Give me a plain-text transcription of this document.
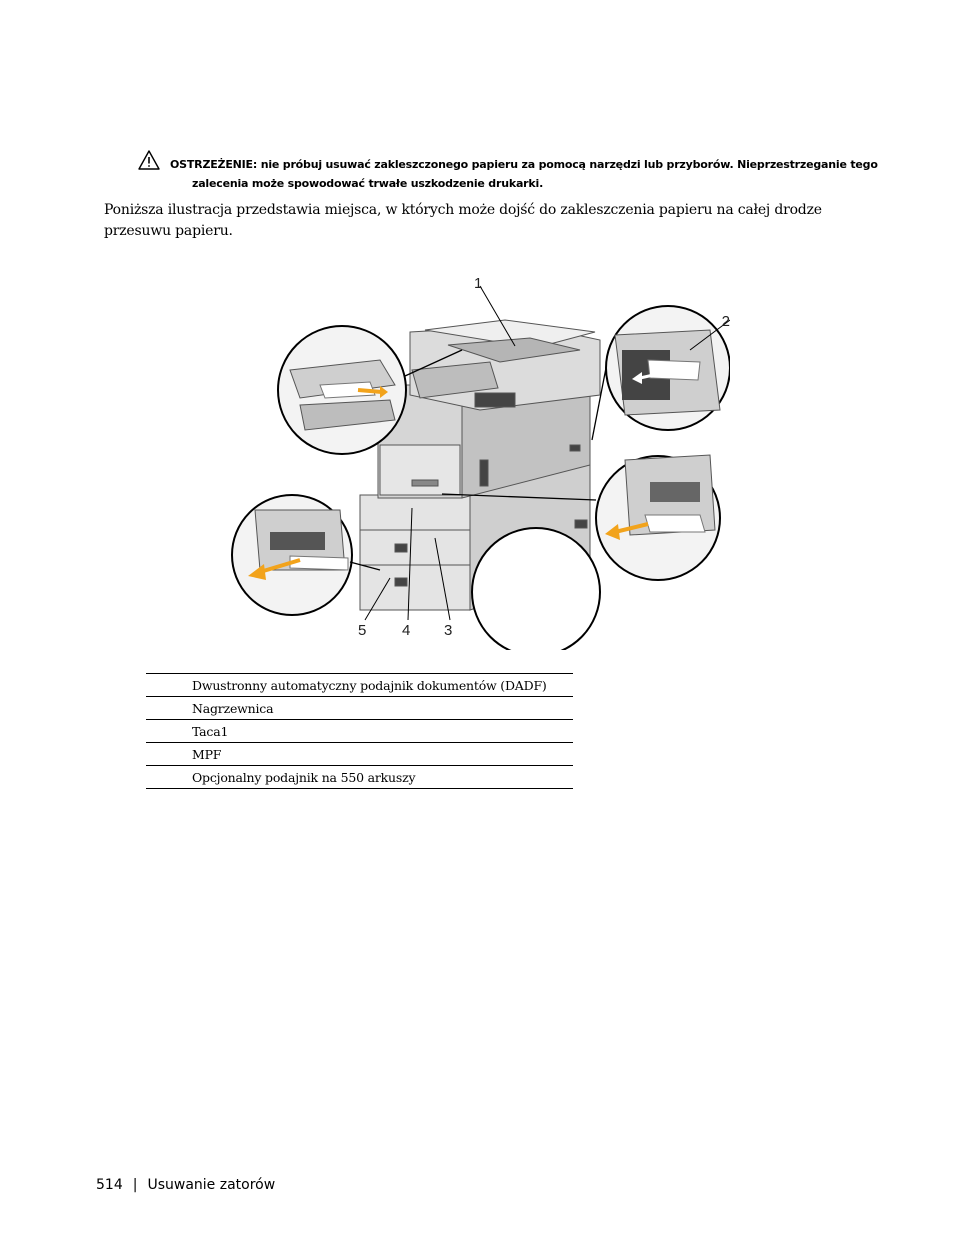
OSTRZEŻENIE: nie próbuj usuwać zakleszczonego papieru za pomocą narzędzi lub przyborów. Nieprzestrzeganie tego
zalecenia może spowodować trwałe uszkodzenie drukarki.
Poniższa ilustracja przedstawia miejsca, w których może dojść do zakleszczenia papieru na całej drodze przesuwu papieru.
1
2
3
4
5
	Dwustronny automatyczny podajnik dokumentów (DADF)
	Nagrzewnica
	Taca1
	MPF
	Opcjonalny podajnik na 550 arkuszy
514 | Usuwanie zatorów
